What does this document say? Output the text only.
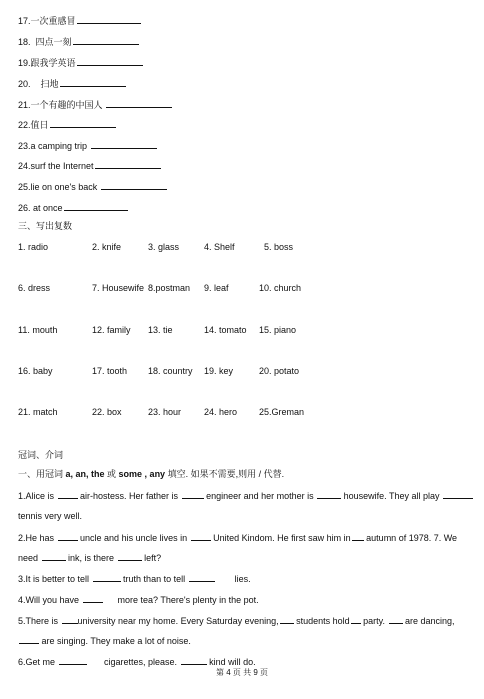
17.一次重感冒
18.  四点一刻
19.跟我学英语
20.    扫地
21.一个有趣的中国人
22.值日
23.a camping trip
24.surf the Internet
25.lie on one's back
26. at once
三、写出复数
1. radio	2. knife	3. glass	4. Shelf	5. boss
6. dress	7. Housewife 8.postman 9. leaf	10. church
11. mouth	12. family 13. tie	14. tomato 15. piano
16. baby	17. tooth 18. country 19. key	20. potato
21. match	22. box	23. hour	24. hero 25.Greman
冠词、介词
一、用冠词 a, an, the 或 some , any 填空. 如果不需要,则用 / 代替.
1.Alice is  air-hostess. Her father is	engineer and her mother is	housewife. They all play
tennis very well.
2.He has  uncle and his uncle lives in  United Kindom. He first saw him in autumn of 1978. 7. We
need	ink, is there	left?
3.It is better to tell	truth than to tell	lies.
4.Will you have       more tea? There's plenty in the pot.
5.There is university near my home. Every Saturday evening, students hold party.  are dancing,
are singing. They make a lot of noise.
6.Get me	cigarettes, please.	kind will do.
第 4 页 共 9 页
